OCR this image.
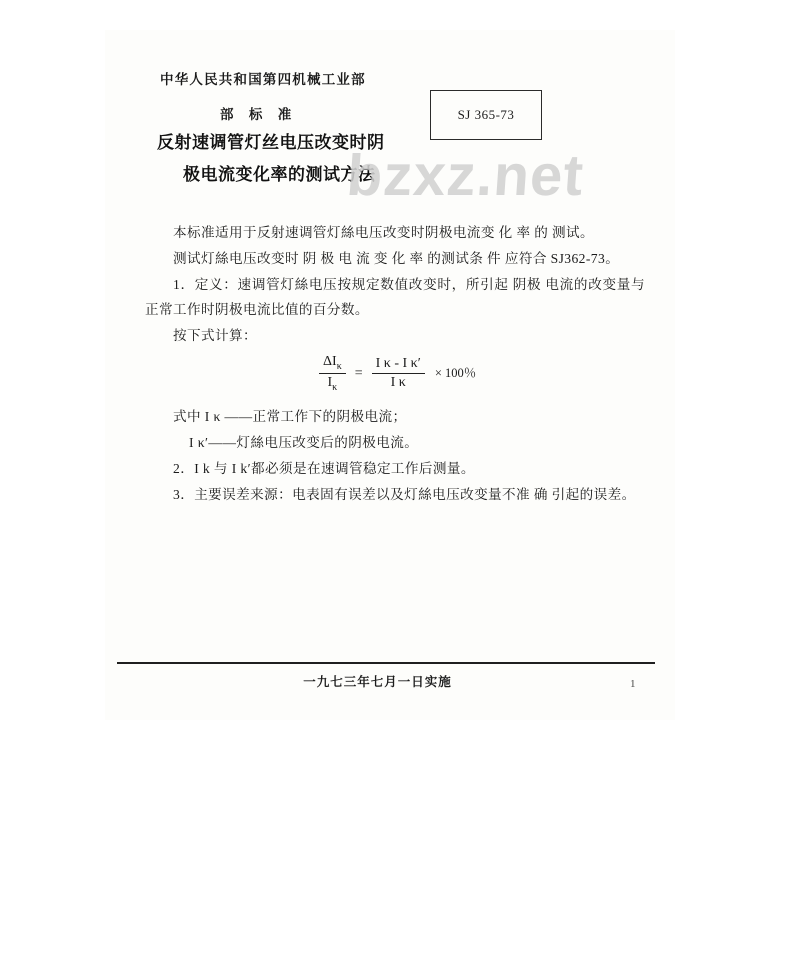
中华人民共和国第四机械工业部
部 标 准
反射速调管灯丝电压改变时阴
极电流变化率的测试方法
SJ 365-73
bzxz.net

本标准适用于反射速调管灯絲电压改变时阴极电流变 化 率 的 测试。

测试灯絲电压改变时 阴 极 电 流 变 化 率 的测试条 件 应符合 SJ362-73。

1．定义：速调管灯絲电压按规定数值改变时，所引起 阴极 电流的改变量与正常工作时阴极电流比值的百分数。

按下式计算：

$\frac{\Delta I_\kappa}{I_\kappa} = \frac{\text{I κ - I κ′}}{\text{I κ}} \times 100$％

式中 I κ ——正常工作下的阴极电流；

I κ′——灯絲电压改变后的阴极电流。

2．I k 与 I k′都必须是在速调管稳定工作后测量。

3．主要误差来源：电表固有误差以及灯絲电压改变量不准 确 引起的误差。

一九七三年七月一日实施	1
